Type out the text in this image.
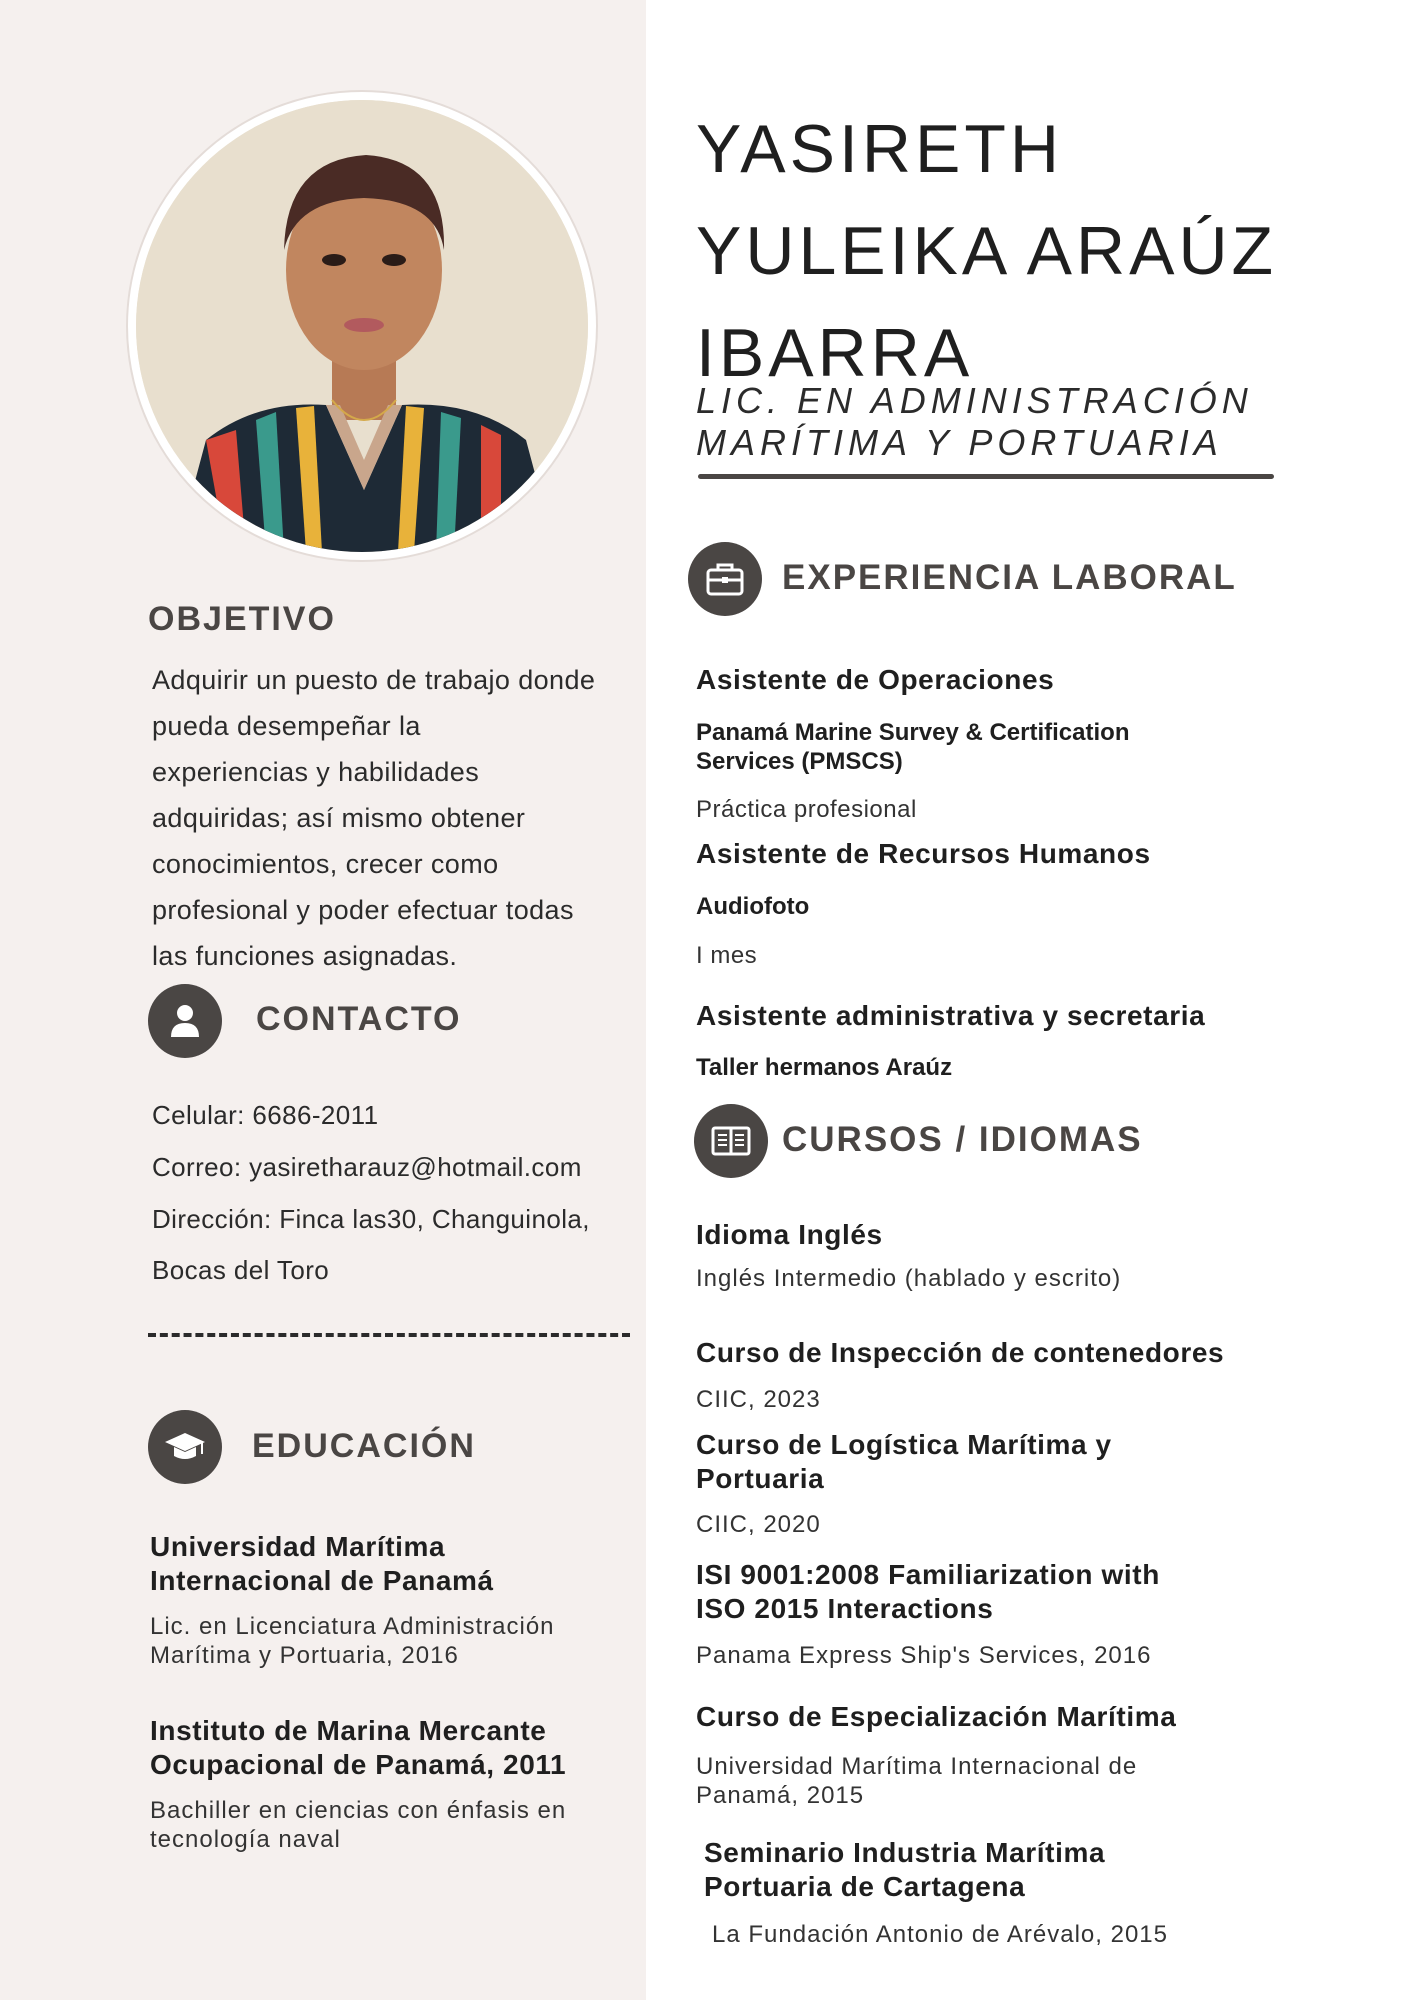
OBJETIVO
Adquirir un puesto de trabajo donde
pueda desempeñar la
experiencias y habilidades
adquiridas; así mismo obtener
conocimientos, crecer como
profesional y poder efectuar todas
las funciones asignadas.
CONTACTO
Celular: 6686-2011
Correo: yasiretharauz@hotmail.com
Dirección: Finca las30, Changuinola,
Bocas del Toro
EDUCACIÓN
Universidad Marítima
Internacional de Panamá
Lic. en Licenciatura Administración
Marítima y Portuaria, 2016
Instituto de Marina Mercante
Ocupacional de Panamá, 2011
Bachiller en ciencias con énfasis en
tecnología naval
YASIRETH
YULEIKA ARAÚZ
IBARRA
LIC. EN ADMINISTRACIÓN
MARÍTIMA Y PORTUARIA
EXPERIENCIA LABORAL
Asistente de Operaciones
Panamá Marine Survey & Certification
Services (PMSCS)
Práctica profesional
Asistente de Recursos Humanos
Audiofoto
I mes
Asistente administrativa y secretaria
Taller hermanos Araúz
CURSOS / IDIOMAS
Idioma Inglés
Inglés Intermedio (hablado y escrito)
Curso de Inspección de contenedores
CIIC, 2023
Curso de Logística Marítima y
Portuaria
CIIC, 2020
ISI 9001:2008 Familiarization with
ISO 2015 Interactions
Panama Express Ship's Services, 2016
Curso de Especialización Marítima
Universidad Marítima Internacional de
Panamá, 2015
Seminario Industria Marítima
Portuaria de Cartagena
La Fundación Antonio de Arévalo, 2015
